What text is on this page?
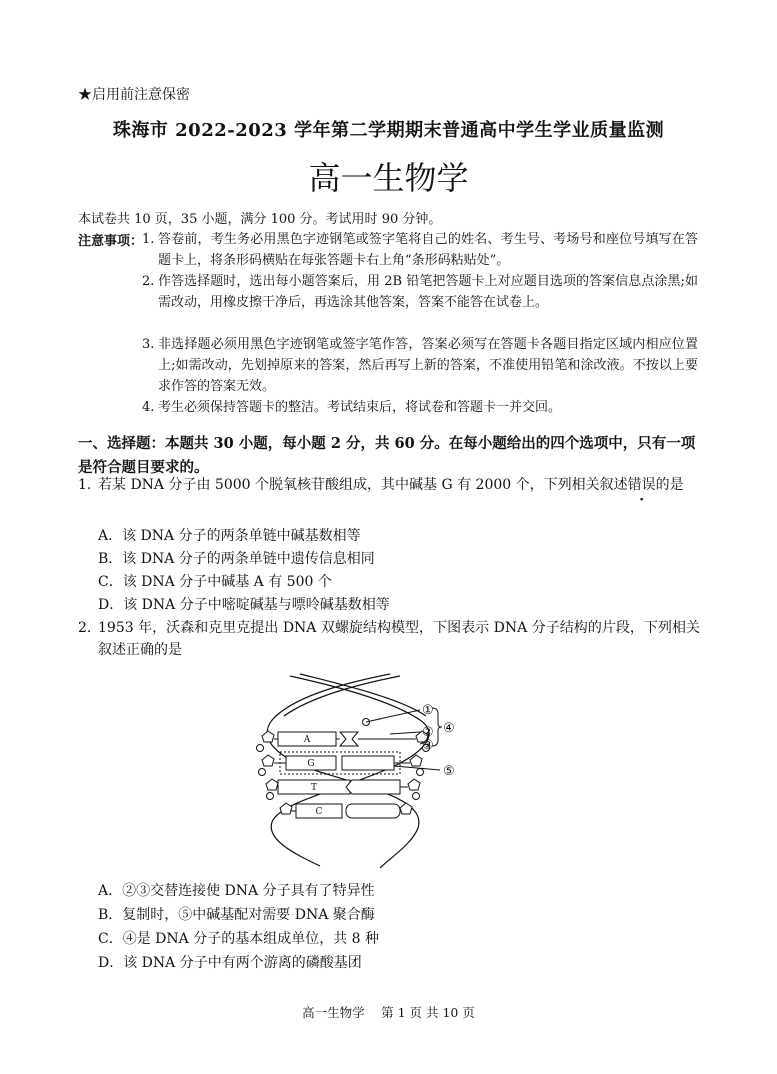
★启用前注意保密
珠海市 2022-2023 学年第二学期期末普通高中学生学业质量监测
高一生物学
本试卷共 10 页，35 小题，满分 100 分。考试用时 90 分钟。
注意事项：
1. 答卷前，考生务必用黑色字迹钢笔或签字笔将自己的姓名、考生号、考场号和座位号填写在答题卡上，将条形码横贴在每张答题卡右上角“条形码粘贴处”。
2. 作答选择题时，选出每小题答案后，用 2B 铅笔把答题卡上对应题目选项的答案信息点涂黑;如需改动，用橡皮擦干净后，再选涂其他答案，答案不能答在试卷上。
3. 非选择题必须用黑色字迹钢笔或签字笔作答，答案必须写在答题卡各题目指定区域内相应位置上;如需改动，先划掉原来的答案，然后再写上新的答案，不准使用铅笔和涂改液。不按以上要求作答的答案无效。
4. 考生必须保持答题卡的整洁。考试结束后，将试卷和答题卡一并交回。
一、选择题：本题共 30 小题，每小题 2 分，共 60 分。在每小题给出的四个选项中，只有一项是符合题目要求的。
1. 若某 DNA 分子由 5000 个脱氧核苷酸组成，其中碱基 G 有 2000 个，下列相关叙述错误的是
A．该 DNA 分子的两条单链中碱基数相等
B．该 DNA 分子的两条单链中遗传信息相同
C．该 DNA 分子中碱基 A 有 500 个
D．该 DNA 分子中嘧啶碱基与嘌呤碱基数相等
2. 1953 年，沃森和克里克提出 DNA 双螺旋结构模型，下图表示 DNA 分子结构的片段，下列相关叙述正确的是
A
G
T
C
①
②
③
④
⑤
A．②③交替连接使 DNA 分子具有了特异性
B．复制时，⑤中碱基配对需要 DNA 聚合酶
C．④是 DNA 分子的基本组成单位，共 8 种
D．该 DNA 分子中有两个游离的磷酸基团
高一生物学　 第 1 页 共 10 页
